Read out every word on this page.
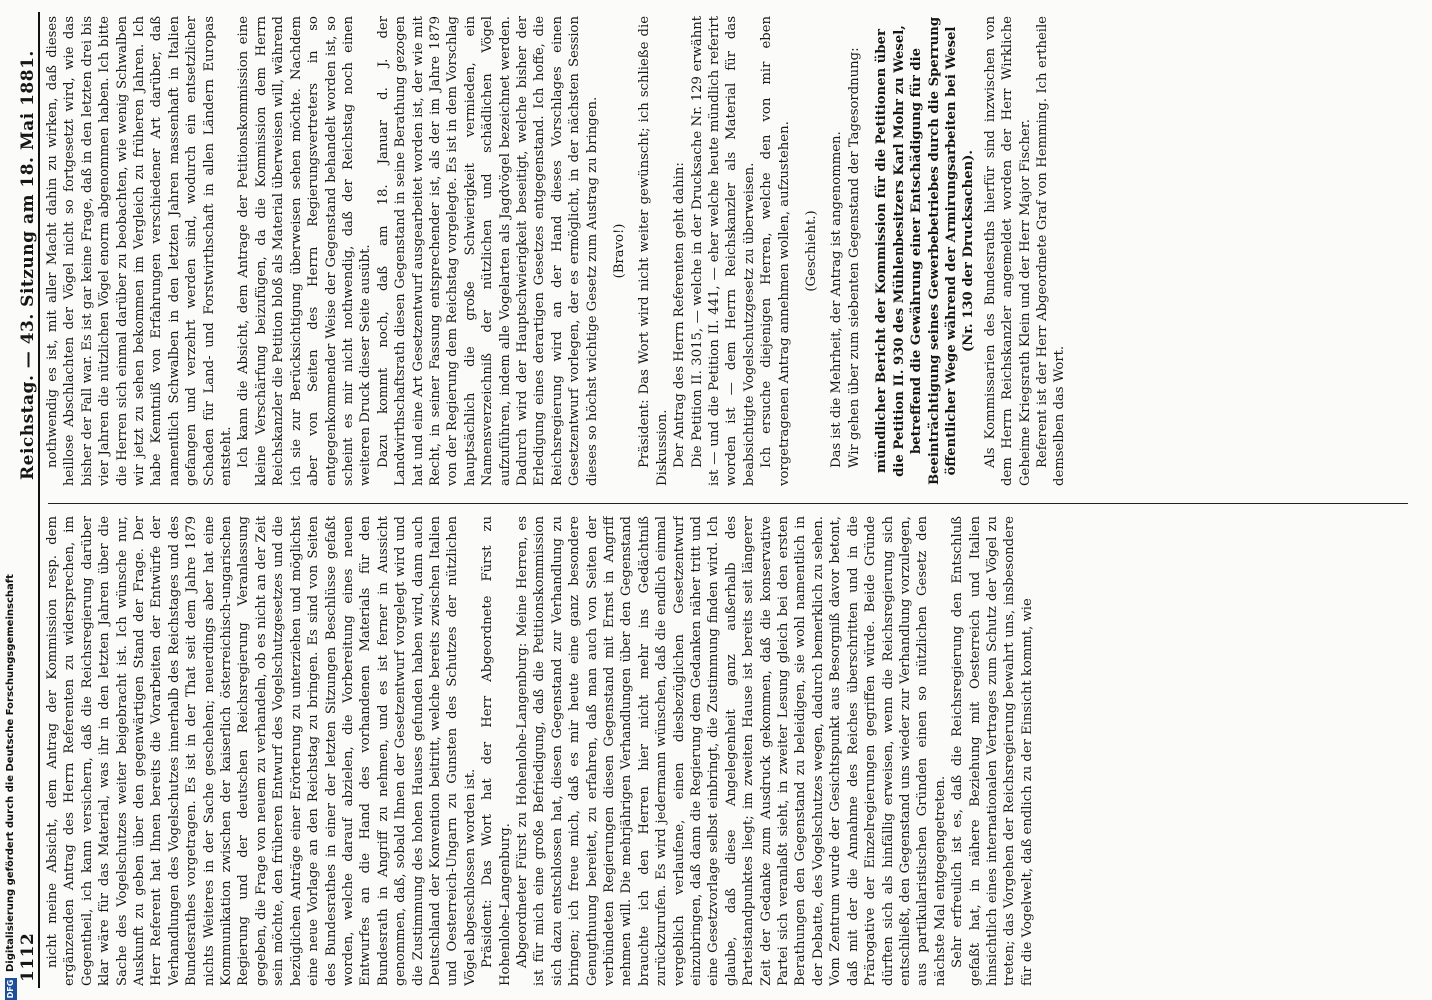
1112
Reichstag. — 43. Sitzung am 18. Mai 1881.

nicht meine Absicht, dem Antrag der Kommission resp. dem ergänzenden Antrag des Herrn Referenten zu widersprechen, im Gegentheil, ich kann versichern, daß die Reichsregierung darüber klar wäre für das Material, was ihr in den letzten Jahren über die Sache des Vogelschutzes weiter beigebracht ist. Ich wünsche nur, Auskunft zu geben über den gegenwärtigen Stand der Frage. Der Herr Referent hat Ihnen bereits die Vorarbeiten der Entwürfe der Verhandlungen des Vogelschutzes innerhalb des Reichstages und des Bundesrathes vorgetragen. Es ist in der That seit dem Jahre 1879 nichts Weiteres in der Sache geschehen; neuerdings aber hat eine Kommunikation zwischen der kaiserlich österreichisch-ungarischen Regierung und der deutschen Reichsregierung Veranlassung gegeben, die Frage von neuem zu verhandeln, ob es nicht an der Zeit sein möchte, den früheren Entwurf des Vogelschutzgesetzes und die bezüglichen Anträge einer Erörterung zu unterziehen und möglichst eine neue Vorlage an den Reichstag zu bringen. Es sind von Seiten des Bundesrathes in einer der letzten Sitzungen Beschlüsse gefaßt worden, welche darauf abzielen, die Vorbereitung eines neuen Entwurfes an die Hand des vorhandenen Materials für den Bundesrath in Angriff zu nehmen, und es ist ferner in Aussicht genommen, daß, sobald Ihnen der Gesetzentwurf vorgelegt wird und die Zustimmung des hohen Hauses gefunden haben wird, dann auch Deutschland der Konvention beitritt, welche bereits zwischen Italien und Oesterreich-Ungarn zu Gunsten des Schutzes der nützlichen Vögel abgeschlossen worden ist. Präsident: Das Wort hat der Herr Abgeordnete Fürst zu Hohenlohe-Langenburg. Abgeordneter Fürst zu Hohenlohe-Langenburg: Meine Herren, es ist für mich eine große Befriedigung, daß die Petitionskommission sich dazu entschlossen hat, diesen Gegenstand zur Verhandlung zu bringen; ich freue mich, daß es mir heute eine ganz besondere Genugthuung bereitet, zu erfahren, daß man auch von Seiten der verbündeten Regierungen diesen Gegenstand mit Ernst in Angriff nehmen will. Die mehrjährigen Verhandlungen über den Gegenstand brauchte ich den Herren hier nicht mehr ins Gedächtniß zurückzurufen. Es wird jedermann wünschen, daß die endlich einmal vergeblich verlaufene, einen diesbezüglichen Gesetzentwurf einzubringen, daß dann die Regierung dem Gedanken näher tritt und eine Gesetzvorlage selbst einbringt, die Zustimmung finden wird. Ich glaube, daß diese Angelegenheit ganz außerhalb des Parteistandpunktes liegt; im zweiten Hause ist bereits seit längerer Zeit der Gedanke zum Ausdruck gekommen, daß die konservative Partei sich veranlaßt sieht, in zweiter Lesung gleich bei den ersten Berathungen den Gegenstand zu beleidigen, sie wohl namentlich in der Debatte, des Vogelschutzes wegen, dadurch bemerklich zu sehen. Vom Zentrum wurde der Gesichtspunkt aus Besorgniß davor betont, daß mit der die Annahme des Reiches überschritten und in die Prärogative der Einzelregierungen gegriffen würde. Beide Gründe dürften sich als hinfällig erweisen, wenn die Reichsregierung sich entschließt, den Gegenstand uns wieder zur Verhandlung vorzulegen, aus partikularistischen Gründen einen so nützlichen Gesetz den nächste Mal entgegengetreten. Sehr erfreulich ist es, daß die Reichsregierung den Entschluß gefaßt hat, in nähere Beziehung mit Oesterreich und Italien hinsichtlich eines internationalen Vertrages zum Schutz der Vögel zu treten; das Vorgehen der Reichsregierung bewahrt uns, insbesondere für die Vogelwelt, daß endlich zu der Einsicht kommt, wie

nothwendig es ist, mit aller Macht dahin zu wirken, daß dieses heillose Abschlachten der Vögel nicht so fortgesetzt wird, wie das bisher der Fall war. Es ist gar keine Frage, daß in den letzten drei bis vier Jahren die nützlichen Vögel enorm abgenommen haben. Ich bitte die Herren sich einmal darüber zu beobachten, wie wenig Schwalben wir jetzt zu sehen bekommen im Vergleich zu früheren Jahren. Ich habe Kenntniß von Erfahrungen verschiedener Art darüber, daß namentlich Schwalben in den letzten Jahren massenhaft in Italien gefangen und verzehrt werden sind, wodurch ein entsetzlicher Schaden für Land- und Forstwirthschaft in allen Ländern Europas entsteht. Ich kann die Absicht, dem Antrage der Petitionskommission eine kleine Verschärfung beizufügen, da die Kommission dem Herrn Reichskanzler die Petition bloß als Material überweisen will, während ich sie zur Berücksichtigung überweisen sehen möchte. Nachdem aber von Seiten des Herrn Regierungsvertreters in so entgegenkommender Weise der Gegenstand behandelt worden ist, so scheint es mir nicht nothwendig, daß der Reichstag noch einen weiteren Druck dieser Seite ausübt. Dazu kommt noch, daß am 18. Januar d. J. der Landwirthschaftsrath diesen Gegenstand in seine Berathung gezogen hat und eine Art Gesetzentwurf ausgearbeitet worden ist, der wie mit Recht, in seiner Fassung entsprechender ist, als der im Jahre 1879 von der Regierung dem Reichstag vorgelegte. Es ist in dem Vorschlag hauptsächlich die große Schwierigkeit vermieden, ein Namensverzeichniß der nützlichen und schädlichen Vögel aufzuführen, indem alle Vogelarten als Jagdvögel bezeichnet werden. Dadurch wird der Hauptschwierigkeit beseitigt, welche bisher der Erledigung eines derartigen Gesetzes entgegenstand. Ich hoffe, die Reichsregierung wird an der Hand dieses Vorschlages einen Gesetzentwurf vorlegen, der es ermöglicht, in der nächsten Session dieses so höchst wichtige Gesetz zum Austrag zu bringen. (Bravo!) Präsident: Das Wort wird nicht weiter gewünscht; ich schließe die Diskussion. Der Antrag des Herrn Referenten geht dahin: Die Petition II. 3015, — welche in der Drucksache Nr. 129 erwähnt ist — und die Petition II. 441, — eher welche heute mündlich referirt worden ist — dem Herrn Reichskanzler als Material für das beabsichtigte Vogelschutzgesetz zu überweisen. Ich ersuche diejenigen Herren, welche den von mir eben vorgetragenen Antrag annehmen wollen, aufzustehen. (Geschieht.) Das ist die Mehrheit, der Antrag ist angenommen. Wir gehen über zum siebenten Gegenstand der Tagesordnung: mündlicher Bericht der Kommission für die Petitionen über die Petition II. 930 des Mühlenbesitzers Karl Mohr zu Wesel, betreffend die Gewährung einer Entschädigung für die Beeinträchtigung seines Gewerbebetriebes durch die Sperrung öffentlicher Wege während der Armirungsarbeiten bei Wesel (Nr. 130 der Drucksachen). Als Kommissarien des Bundesraths hierfür sind inzwischen von dem Herrn Reichskanzler angemeldet worden der Herr Wirkliche Geheime Kriegsrath Klein und der Herr Major Fischer. Referent ist der Herr Abgeordnete Graf von Hemming. Ich ertheile demselben das Wort.

DFG
Digitalisierung gefördert durch die Deutsche Forschungsgemeinschaft
